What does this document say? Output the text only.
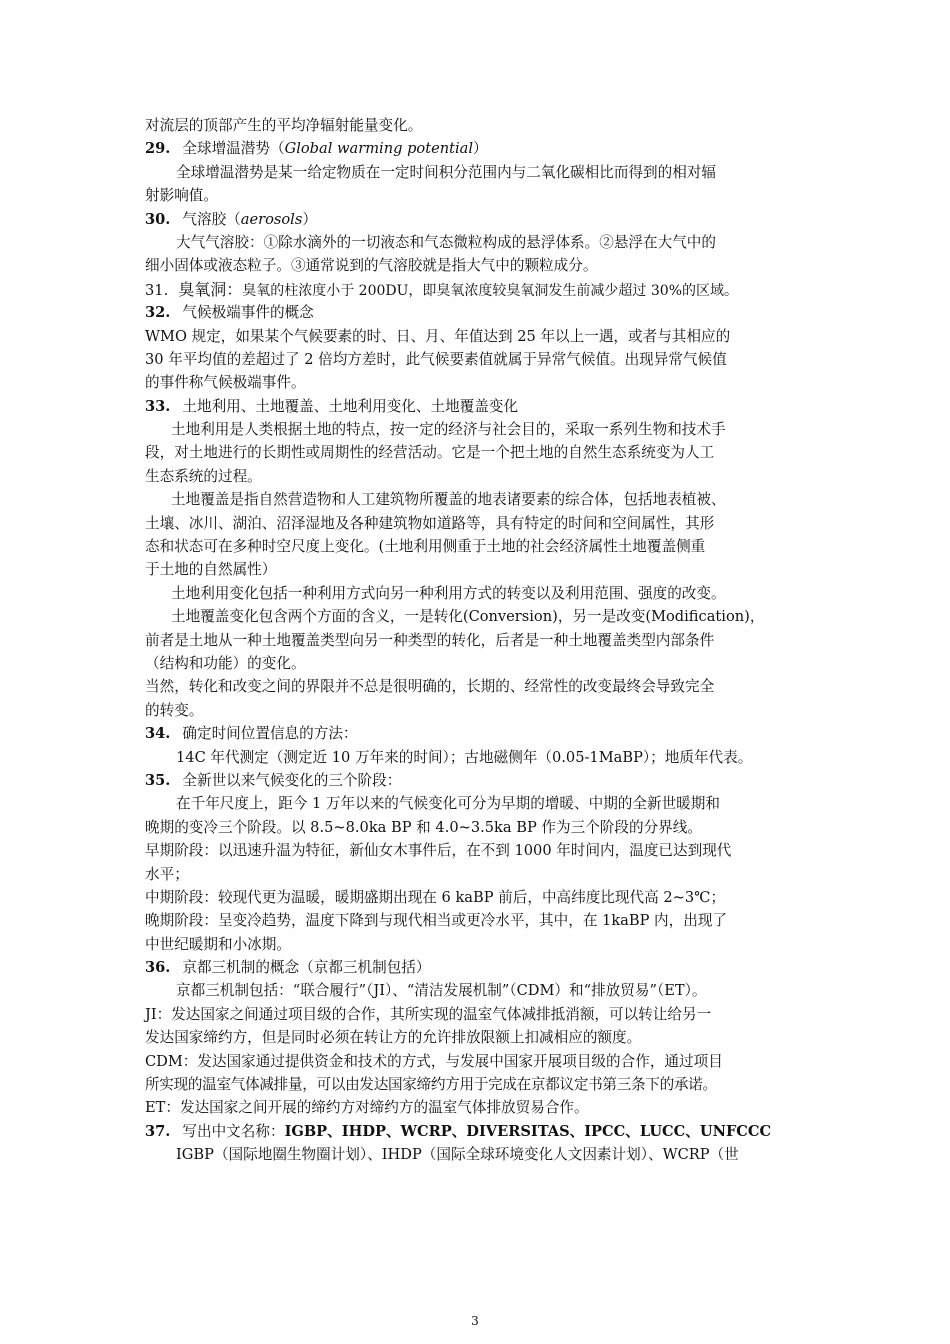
对流层的顶部产生的平均净辐射能量变化。
29. 全球增温潜势（Global warming potential）
全球增温潜势是某一给定物质在一定时间积分范围内与二氧化碳相比而得到的相对辐
射影响值。
30. 气溶胶（aerosols）
大气气溶胶：①除水滴外的一切液态和气态微粒构成的悬浮体系。②悬浮在大气中的
细小固体或液态粒子。③通常说到的气溶胶就是指大气中的颗粒成分。
31. 臭氧洞：臭氧的柱浓度小于 200DU，即臭氧浓度较臭氧洞发生前减少超过 30%的区域。
32. 气候极端事件的概念
WMO 规定，如果某个气候要素的时、日、月、年值达到 25 年以上一遇，或者与其相应的
30 年平均值的差超过了 2 倍均方差时，此气候要素值就属于异常气候值。出现异常气候值
的事件称气候极端事件。
33. 土地利用、土地覆盖、土地利用变化、土地覆盖变化
土地利用是人类根据土地的特点，按一定的经济与社会目的，采取一系列生物和技术手
段，对土地进行的长期性或周期性的经营活动。它是一个把土地的自然生态系统变为人工
生态系统的过程。
土地覆盖是指自然营造物和人工建筑物所覆盖的地表诸要素的综合体，包括地表植被、
土壤、冰川、湖泊、沼泽湿地及各种建筑物如道路等，具有特定的时间和空间属性，其形
态和状态可在多种时空尺度上变化。(土地利用侧重于土地的社会经济属性土地覆盖侧重
于土地的自然属性）
土地利用变化包括一种利用方式向另一种利用方式的转变以及利用范围、强度的改变。
土地覆盖变化包含两个方面的含义，一是转化(Conversion)，另一是改变(Modification)，
前者是土地从一种土地覆盖类型向另一种类型的转化，后者是一种土地覆盖类型内部条件
（结构和功能）的变化。
当然，转化和改变之间的界限并不总是很明确的，长期的、经常性的改变最终会导致完全
的转变。
34. 确定时间位置信息的方法：
14C 年代测定（测定近 10 万年来的时间）；古地磁侧年（0.05-1MaBP）；地质年代表。
35. 全新世以来气候变化的三个阶段：
在千年尺度上，距今 1 万年以来的气候变化可分为早期的增暖、中期的全新世暖期和
晚期的变冷三个阶段。以 8.5~8.0ka BP 和 4.0~3.5ka BP 作为三个阶段的分界线。
早期阶段：以迅速升温为特征，新仙女木事件后，在不到 1000 年时间内，温度已达到现代
水平；
中期阶段：较现代更为温暖，暖期盛期出现在 6 kaBP 前后，中高纬度比现代高 2~3℃；
晚期阶段：呈变冷趋势，温度下降到与现代相当或更冷水平，其中，在 1kaBP 内，出现了
中世纪暖期和小冰期。
36. 京都三机制的概念（京都三机制包括）
京都三机制包括：“联合履行”（JI）、“清洁发展机制”（CDM）和“排放贸易”（ET）。
JI：发达国家之间通过项目级的合作，其所实现的温室气体减排抵消额，可以转让给另一
发达国家缔约方，但是同时必须在转让方的允许排放限额上扣减相应的额度。
CDM：发达国家通过提供资金和技术的方式，与发展中国家开展项目级的合作，通过项目
所实现的温室气体减排量，可以由发达国家缔约方用于完成在京都议定书第三条下的承诺。
ET：发达国家之间开展的缔约方对缔约方的温室气体排放贸易合作。
37. 写出中文名称：IGBP、IHDP、WCRP、DIVERSITAS、IPCC、LUCC、UNFCCC
IGBP（国际地圈生物圈计划）、IHDP（国际全球环境变化人文因素计划）、WCRP（世
3
